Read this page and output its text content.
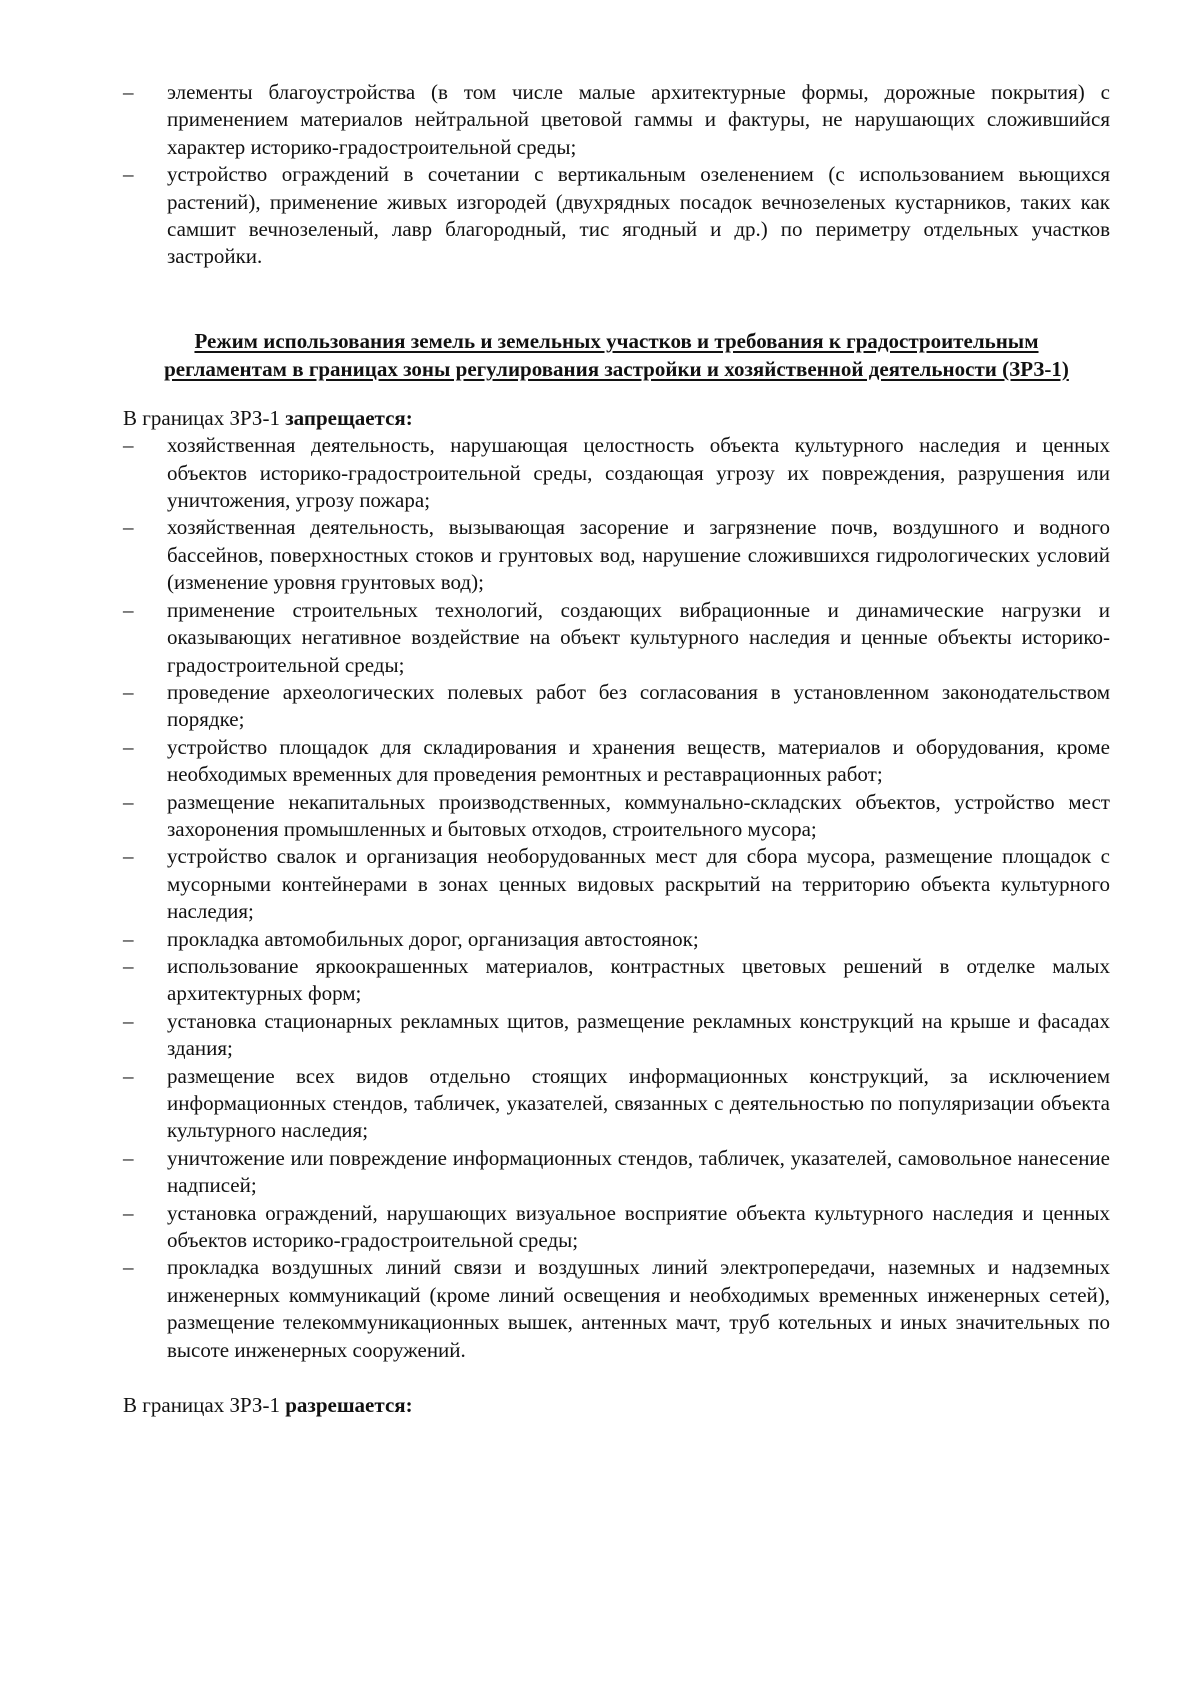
– элементы благоустройства (в том числе малые архитектурные формы, дорожные покрытия) с применением материалов нейтральной цветовой гаммы и фактуры, не нарушающих сложившийся характер историко-градостроительной среды;
– устройство ограждений в сочетании с вертикальным озеленением (с использованием вьющихся растений), применение живых изгородей (двухрядных посадок вечнозеленых кустарников, таких как самшит вечнозеленый, лавр благородный, тис ягодный и др.) по периметру отдельных участков застройки.
Режим использования земель и земельных участков и требования к градостроительным регламентам в границах зоны регулирования застройки и хозяйственной деятельности (ЗРЗ-1)

В границах ЗРЗ-1 запрещается:

– хозяйственная деятельность, нарушающая целостность объекта культурного наследия и ценных объектов историко-градостроительной среды, создающая угрозу их повреждения, разрушения или уничтожения, угрозу пожара;
– хозяйственная деятельность, вызывающая засорение и загрязнение почв, воздушного и водного бассейнов, поверхностных стоков и грунтовых вод, нарушение сложившихся гидрологических условий (изменение уровня грунтовых вод);
– применение строительных технологий, создающих вибрационные и динамические нагрузки и оказывающих негативное воздействие на объект культурного наследия и ценные объекты историко-градостроительной среды;
– проведение археологических полевых работ без согласования в установленном законодательством порядке;
– устройство площадок для складирования и хранения веществ, материалов и оборудования, кроме необходимых временных для проведения ремонтных и реставрационных работ;
– размещение некапитальных производственных, коммунально-складских объектов, устройство мест захоронения промышленных и бытовых отходов, строительного мусора;
– устройство свалок и организация необорудованных мест для сбора мусора, размещение площадок с мусорными контейнерами в зонах ценных видовых раскрытий на территорию объекта культурного наследия;
– прокладка автомобильных дорог, организация автостоянок;
– использование яркоокрашенных материалов, контрастных цветовых решений в отделке малых архитектурных форм;
– установка стационарных рекламных щитов, размещение рекламных конструкций на крыше и фасадах здания;
– размещение всех видов отдельно стоящих информационных конструкций, за исключением информационных стендов, табличек, указателей, связанных с деятельностью по популяризации объекта культурного наследия;
– уничтожение или повреждение информационных стендов, табличек, указателей, самовольное нанесение надписей;
– установка ограждений, нарушающих визуальное восприятие объекта культурного наследия и ценных объектов историко-градостроительной среды;
– прокладка воздушных линий связи и воздушных линий электропередачи, наземных и надземных инженерных коммуникаций (кроме линий освещения и необходимых временных инженерных сетей), размещение телекоммуникационных вышек, антенных мачт, труб котельных и иных значительных по высоте инженерных сооружений.

В границах ЗРЗ-1 разрешается:
